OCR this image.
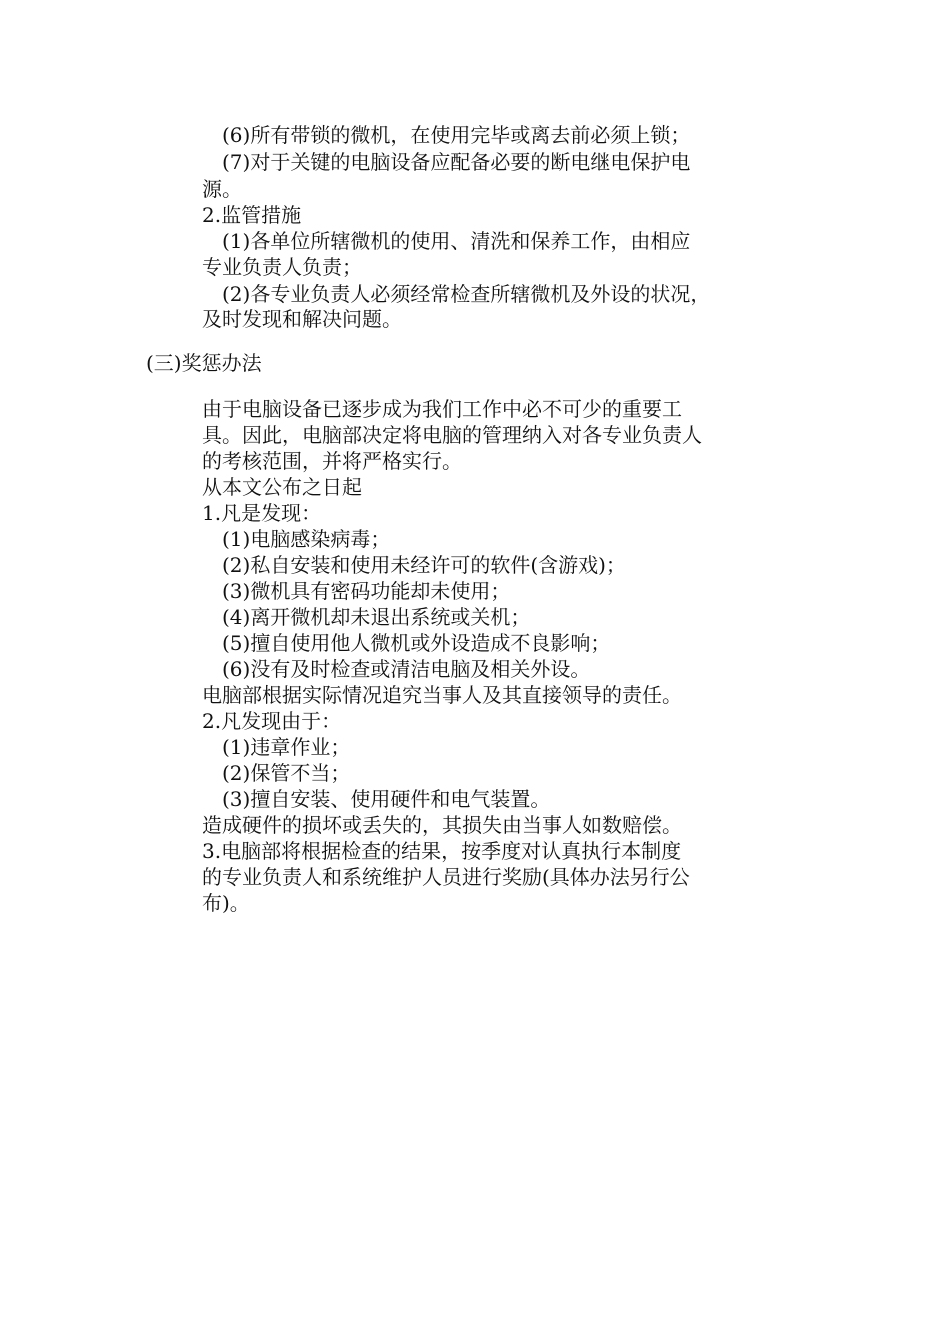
(6)所有带锁的微机，在使用完毕或离去前必须上锁；

(7)对于关键的电脑设备应配备必要的断电继电保护电

源。

2.监管措施

(1)各单位所辖微机的使用、清洗和保养工作，由相应

专业负责人负责；

(2)各专业负责人必须经常检查所辖微机及外设的状况，

及时发现和解决问题。

(三)奖惩办法

由于电脑设备已逐步成为我们工作中必不可少的重要工

具。因此，电脑部决定将电脑的管理纳入对各专业负责人

的考核范围，并将严格实行。

从本文公布之日起

1.凡是发现：

(1)电脑感染病毒；

(2)私自安装和使用未经许可的软件(含游戏)；

(3)微机具有密码功能却未使用；

(4)离开微机却未退出系统或关机；

(5)擅自使用他人微机或外设造成不良影响；

(6)没有及时检查或清洁电脑及相关外设。

电脑部根据实际情况追究当事人及其直接领导的责任。

2.凡发现由于：

(1)违章作业；

(2)保管不当；

(3)擅自安装、使用硬件和电气装置。

造成硬件的损坏或丢失的，其损失由当事人如数赔偿。

3.电脑部将根据检查的结果，按季度对认真执行本制度

的专业负责人和系统维护人员进行奖励(具体办法另行公

布)。
